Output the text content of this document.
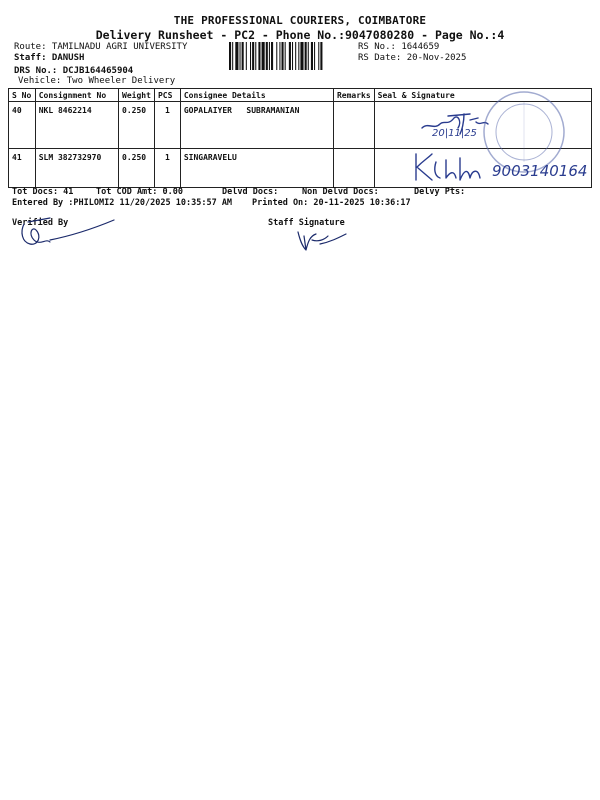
THE PROFESSIONAL COURIERS, COIMBATORE
Delivery Runsheet - PC2 - Phone No.:9047080280 - Page No.:4
Route: TAMILNADU AGRI UNIVERSITY
Staff: DANUSH
DRS No.: DCJB164465904
Vehicle: Two Wheeler Delivery
RS No.: 1644659
RS Date: 20-Nov-2025
S No	Consignment No	Weight	PCS	Consignee Details	Remarks	Seal & Signature
40	NKL 8462214	0.250	1	GOPALAIYER   SUBRAMANIAN		
41	SLM 382732970	0.250	1	SINGARAVELU		
20|11|25
9003140164
Tot Docs: 41	Tot COD Amt: 0.00	Delvd Docs:	Non Delvd Docs:	Delvy Pts:
Entered By :PHILOMI2 11/20/2025 10:35:57 AM Printed On: 20-11-2025 10:36:17
Verified By	Staff Signature
